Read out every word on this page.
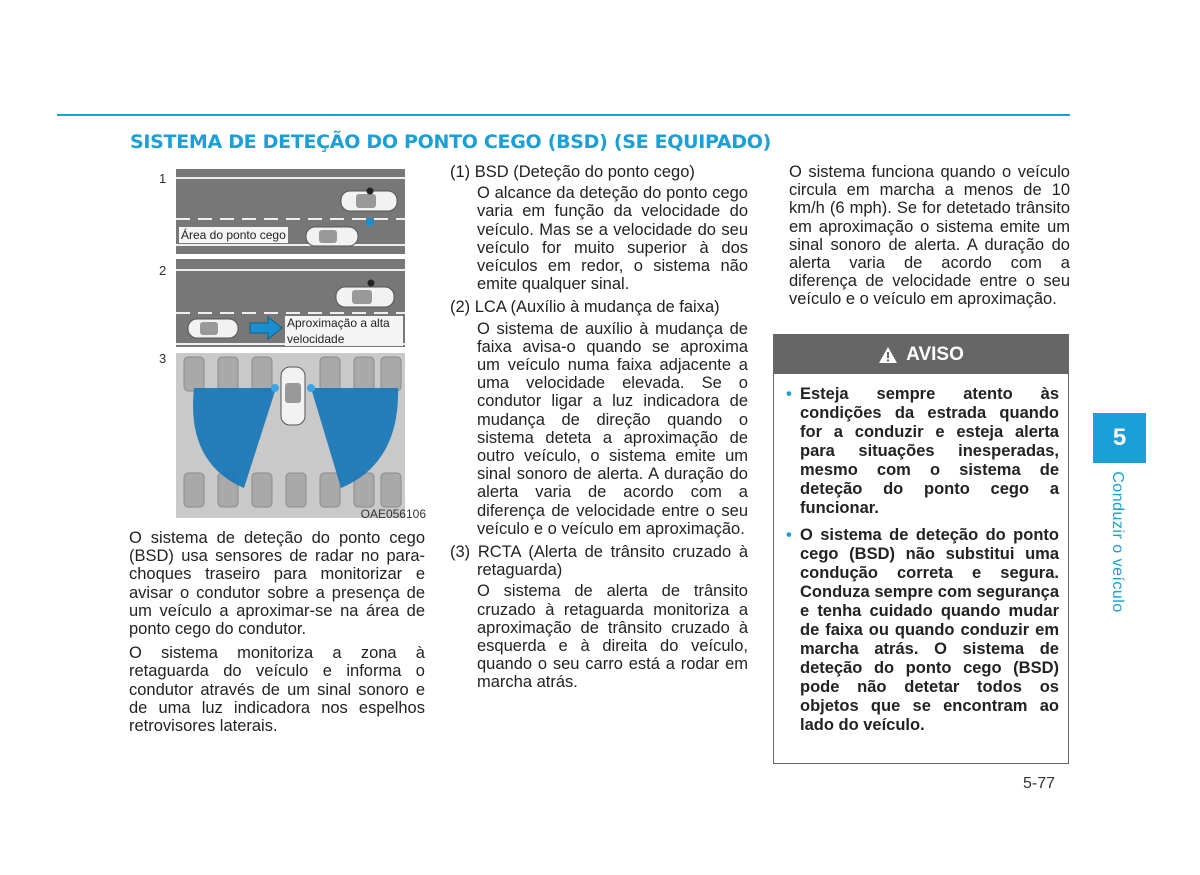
SISTEMA DE DETEÇÃO DO PONTO CEGO (BSD) (SE EQUIPADO)
1
2
3
Área do ponto cego
Aproximação a alta velocidade
OAE056106

O sistema de deteção do ponto cego (BSD) usa sensores de radar no para-choques traseiro para monitorizar e avisar o condutor sobre a presença de um veículo a aproximar-se na área de ponto cego do condutor.

O sistema monitoriza a zona à retaguarda do veículo e informa o condutor através de um sinal sonoro e de uma luz indicadora nos espelhos retrovisores laterais.

(1) BSD (Deteção do ponto cego)

O alcance da deteção do ponto cego varia em função da velocidade do veículo. Mas se a velocidade do seu veículo for muito superior à dos veículos em redor, o sistema não emite qualquer sinal.

(2) LCA (Auxílio à mudança de faixa)

O sistema de auxílio à mudança de faixa avisa-o quando se aproxima um veículo numa faixa adjacente a uma velocidade elevada. Se o condutor ligar a luz indicadora de mudança de direção quando o sistema deteta a aproximação de outro veículo, o sistema emite um sinal sonoro de alerta. A duração do alerta varia de acordo com a diferença de velocidade entre o seu veículo e o veículo em aproximação.

(3) RCTA (Alerta de trânsito cruzado à retaguarda)

O sistema de alerta de trânsito cruzado à retaguarda monitoriza a aproximação de trânsito cruzado à esquerda e à direita do veículo, quando o seu carro está a rodar em marcha atrás.

O sistema funciona quando o veículo circula em marcha a menos de 10 km/h (6 mph). Se for detetado trânsito em aproximação o sistema emite um sinal sonoro de alerta. A duração do alerta varia de acordo com a diferença de velocidade entre o seu veículo e o veículo em aproximação.

AVISO
• Esteja sempre atento às condições da estrada quando for a conduzir e esteja alerta para situações inesperadas, mesmo com o sistema de deteção do ponto cego a funcionar.
• O sistema de deteção do ponto cego (BSD) não substitui uma condução correta e segura. Conduza sempre com segurança e tenha cuidado quando mudar de faixa ou quando conduzir em marcha atrás. O sistema de deteção do ponto cego (BSD) pode não detetar todos os objetos que se encontram ao lado do veículo.
5
Conduzir o veículo
5-77
